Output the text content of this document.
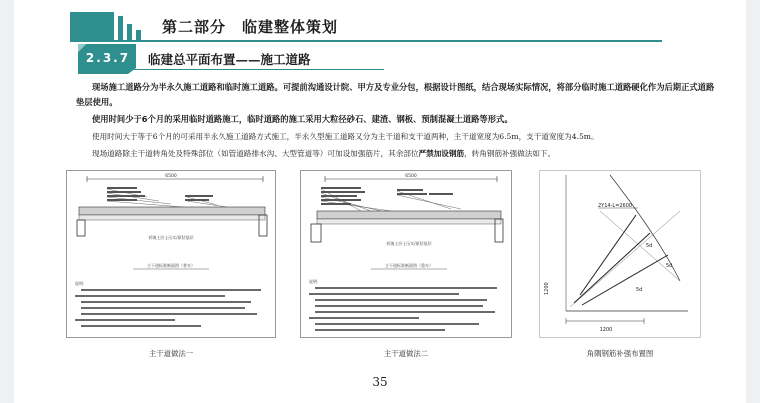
第二部分　临建整体策划
2.3.7 临建总平面布置——施工道路

现场施工道路分为半永久施工道路和临时施工道路。可提前沟通设计院、甲方及专业分包，根据设计图纸，结合现场实际情况，将部分临时施工道路硬化作为后期正式道路垫层使用。

使用时间少于6个月的采用临时道路施工，临时道路的施工采用大粒径砂石、建渣、钢板、预制混凝土道路等形式。

使用时间大于等于6个月的可采用半永久施工道路方式施工，半永久型施工道路又分为主干道和支干道两种，主干道宽度为6.5m，支干道宽度为4.5m。

现场道路除主干道转角处及特殊部位（如管道路排水沟、大型管道等）可加设加强筋片，其余部位严禁加设钢筋，转角钢筋补强做法如下。

6500
折填土层土压实/原状基层
主干道标准断面图（普车）
说明：
6500
折填土层土压实/原状基层
主干道标准断面图（重车）
说明：
2Y14-L=2600
5d
5d
5d
1200
1200
主干道做法一	主干道做法二	角隅钢筋补强布置图
35
